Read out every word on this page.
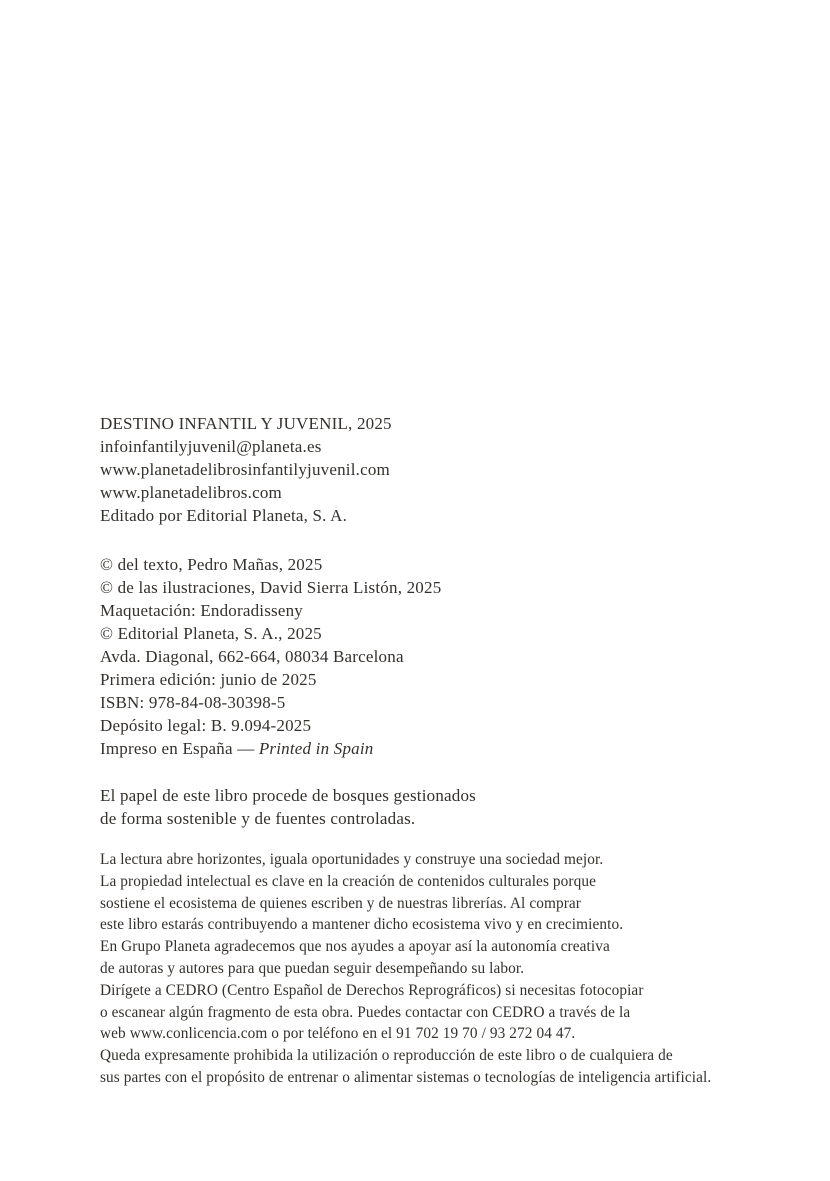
DESTINO INFANTIL Y JUVENIL, 2025
infoinfantilyjuvenil@planeta.es
www.planetadelibrosinfantilyjuvenil.com
www.planetadelibros.com
Editado por Editorial Planeta, S. A.
© del texto, Pedro Mañas, 2025
© de las ilustraciones, David Sierra Listón, 2025
Maquetación: Endoradisseny
© Editorial Planeta, S. A., 2025
Avda. Diagonal, 662-664, 08034 Barcelona
Primera edición: junio de 2025
ISBN: 978-84-08-30398-5
Depósito legal: B. 9.094-2025
Impreso en España — Printed in Spain
El papel de este libro procede de bosques gestionados
de forma sostenible y de fuentes controladas.
La lectura abre horizontes, iguala oportunidades y construye una sociedad mejor.
La propiedad intelectual es clave en la creación de contenidos culturales porque
sostiene el ecosistema de quienes escriben y de nuestras librerías. Al comprar
este libro estarás contribuyendo a mantener dicho ecosistema vivo y en crecimiento.
En Grupo Planeta agradecemos que nos ayudes a apoyar así la autonomía creativa
de autoras y autores para que puedan seguir desempeñando su labor.
Dirígete a CEDRO (Centro Español de Derechos Reprográficos) si necesitas fotocopiar
o escanear algún fragmento de esta obra. Puedes contactar con CEDRO a través de la
web www.conlicencia.com o por teléfono en el 91 702 19 70 / 93 272 04 47.
Queda expresamente prohibida la utilización o reproducción de este libro o de cualquiera de
sus partes con el propósito de entrenar o alimentar sistemas o tecnologías de inteligencia artificial.
